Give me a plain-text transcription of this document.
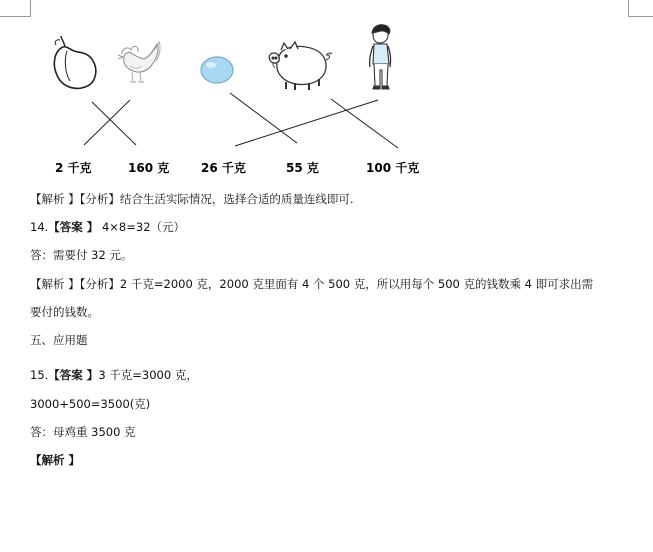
2 千克	160 克	26 千克	55 克	100 千克
【解析 】【分析】结合生活实际情况，选择合适的质量连线即可.
14.【答案 】 4×8=32（元）
答：需要付 32 元。
【解析 】【分析】2 千克=2000 克，2000 克里面有 4 个 500 克，所以用每个 500 克的钱数乘 4 即可求出需
要付的钱数。
五、应用题
15.【答案 】3 千克=3000 克，
3000+500=3500(克)
答：母鸡重 3500 克
【解析 】
